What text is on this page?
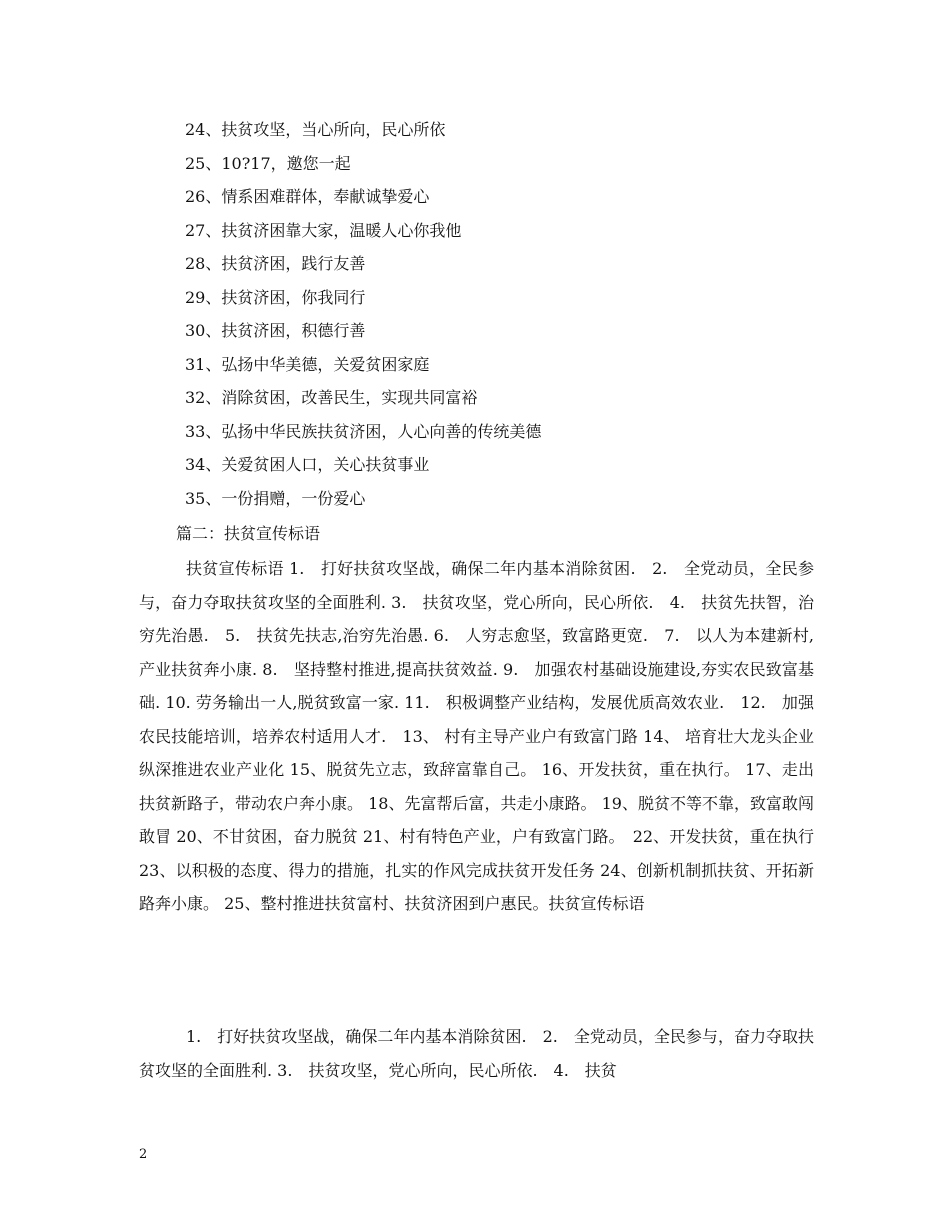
24、扶贫攻坚，当心所向，民心所依
25、10?17，邀您一起
26、情系困难群体，奉献诚挚爱心
27、扶贫济困靠大家，温暖人心你我他
28、扶贫济困，践行友善
29、扶贫济困，你我同行
30、扶贫济困，积德行善
31、弘扬中华美德，关爱贫困家庭
32、消除贫困，改善民生，实现共同富裕
33、弘扬中华民族扶贫济困，人心向善的传统美德
34、关爱贫困人口，关心扶贫事业
35、一份捐赠，一份爱心
篇二：扶贫宣传标语

扶贫宣传标语 1.　打好扶贫攻坚战，确保二年内基本消除贫困.　2.　全党动员，全民参与，奋力夺取扶贫攻坚的全面胜利. 3.　扶贫攻坚，党心所向，民心所依.　4.　扶贫先扶智，治穷先治愚.　5.　扶贫先扶志,治穷先治愚. 6.　人穷志愈坚，致富路更宽.　7.　以人为本建新村,产业扶贫奔小康. 8.　坚持整村推进,提高扶贫效益. 9.　加强农村基础设施建设,夯实农民致富基础. 10. 劳务输出一人,脱贫致富一家. 11.　积极调整产业结构，发展优质高效农业.　12.　加强农民技能培训，培养农村适用人才.　13、 村有主导产业户有致富门路 14、 培育壮大龙头企业纵深推进农业产业化 15、脱贫先立志，致辞富靠自己。 16、开发扶贫，重在执行。 17、走出扶贫新路子，带动农户奔小康。 18、先富帮后富，共走小康路。 19、脱贫不等不靠，致富敢闯敢冒 20、不甘贫困，奋力脱贫 21、村有特色产业，户有致富门路。　22、开发扶贫，重在执行 23、以积极的态度、得力的措施，扎实的作风完成扶贫开发任务 24、创新机制抓扶贫、开拓新路奔小康。 25、整村推进扶贫富村、扶贫济困到户惠民。扶贫宣传标语

1.　打好扶贫攻坚战，确保二年内基本消除贫困.　2.　全党动员，全民参与，奋力夺取扶贫攻坚的全面胜利. 3.　扶贫攻坚，党心所向，民心所依.　4.　扶贫

2
